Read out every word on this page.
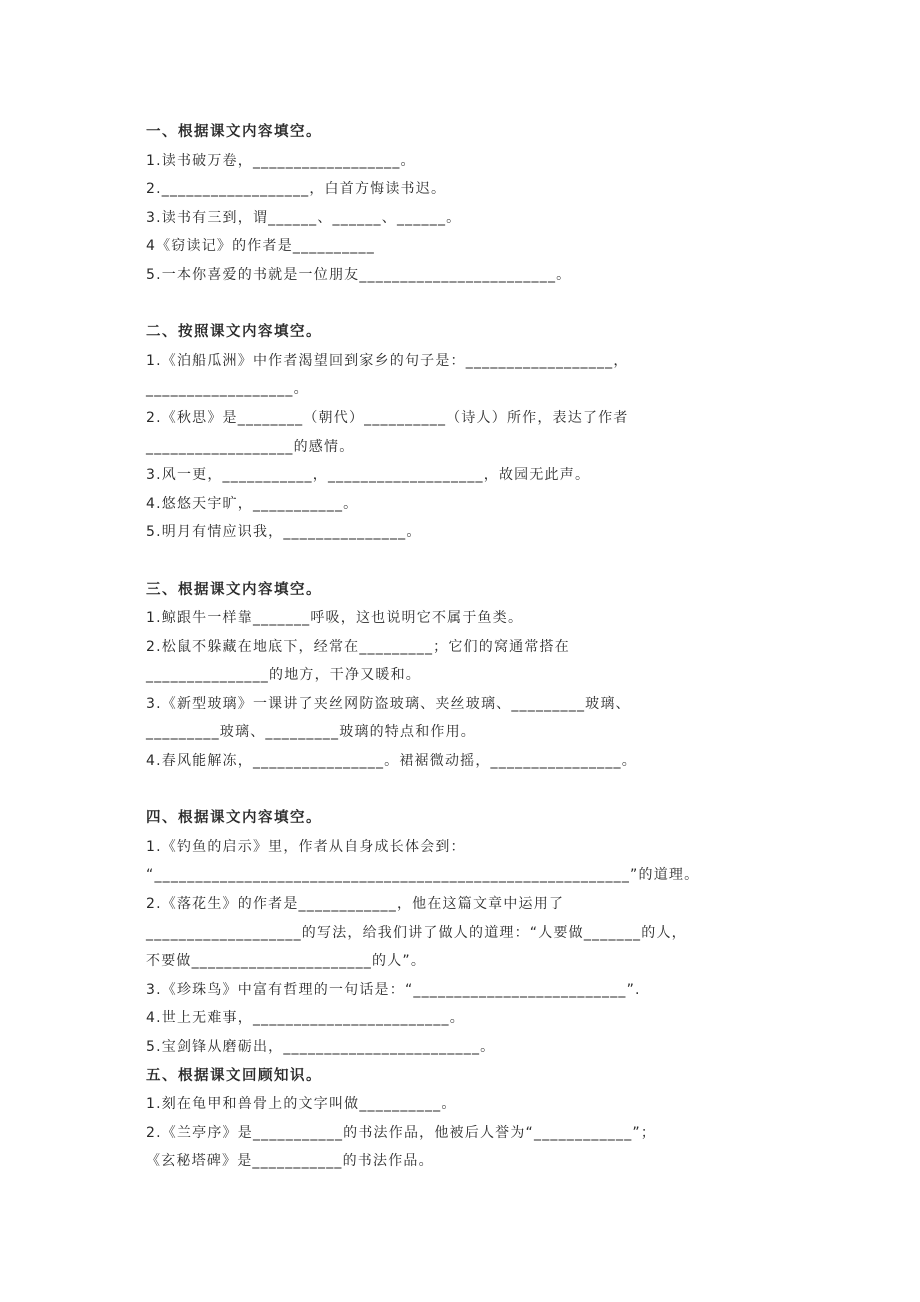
一、根据课文内容填空。
1.读书破万卷，__________________。
2.__________________，白首方悔读书迟。
3.读书有三到，谓______、______、______。
4《窃读记》的作者是__________
5.一本你喜爱的书就是一位朋友________________________。
二、按照课文内容填空。
1.《泊船瓜洲》中作者渴望回到家乡的句子是：__________________，
__________________。
2.《秋思》是________（朝代）__________（诗人）所作，表达了作者
__________________的感情。
3.风一更，___________，___________________，故园无此声。
4.悠悠天宇旷，___________。
5.明月有情应识我，_______________。
三、根据课文内容填空。
1.鲸跟牛一样靠_______呼吸，这也说明它不属于鱼类。
2.松鼠不躲藏在地底下，经常在_________；它们的窝通常搭在
_______________的地方，干净又暖和。
3.《新型玻璃》一课讲了夹丝网防盗玻璃、夹丝玻璃、_________玻璃、
_________玻璃、_________玻璃的特点和作用。
4.春风能解冻，________________。裙裾微动摇，________________。
四、根据课文内容填空。
1.《钓鱼的启示》里，作者从自身成长体会到：
“__________________________________________________________”的道理。
2.《落花生》的作者是____________，他在这篇文章中运用了
___________________的写法，给我们讲了做人的道理：“人要做_______的人，
不要做______________________的人”。
3.《珍珠鸟》中富有哲理的一句话是：“__________________________”.
4.世上无难事，________________________。
5.宝剑锋从磨砺出，________________________。
五、根据课文回顾知识。
1.刻在龟甲和兽骨上的文字叫做__________。
2.《兰亭序》是___________的书法作品，他被后人誉为“____________”；
《玄秘塔碑》是___________的书法作品。
